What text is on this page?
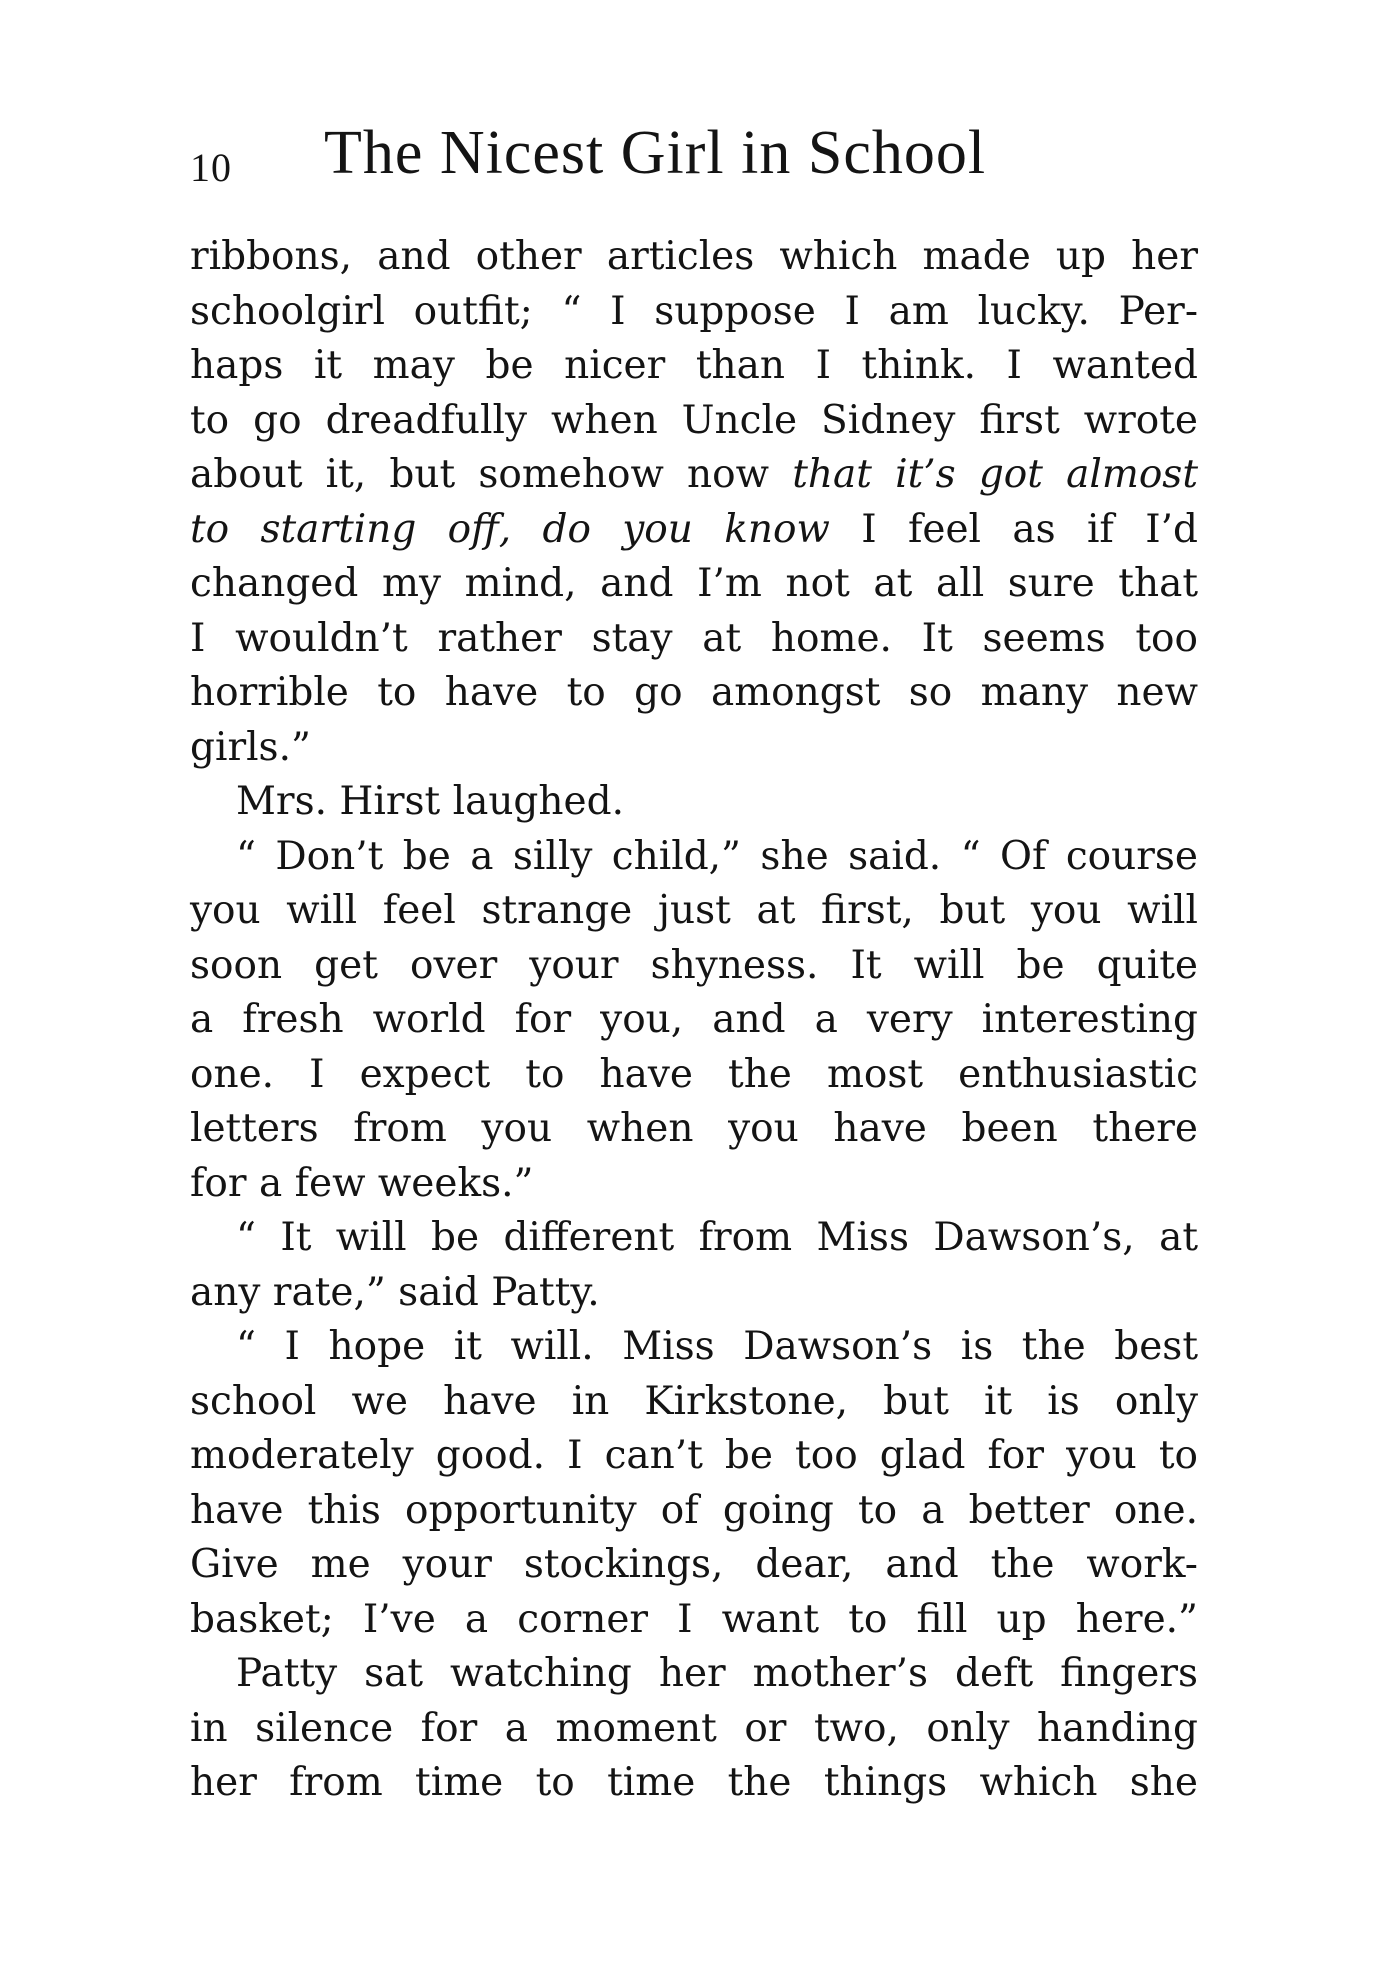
10 The Nicest Girl in School
ribbons, and other articles which made up her
schoolgirl outfit; “ I suppose I am lucky. Per-
haps it may be nicer than I think. I wanted
to go dreadfully when Uncle Sidney first wrote
about it, but somehow now that it’s got almost
to starting off, do you know I feel as if I’d
changed my mind, and I’m not at all sure that
I wouldn’t rather stay at home. It seems too
horrible to have to go amongst so many new
girls.”
Mrs. Hirst laughed.
“ Don’t be a silly child,” she said. “ Of course
you will feel strange just at first, but you will
soon get over your shyness. It will be quite
a fresh world for you, and a very interesting
one. I expect to have the most enthusiastic
letters from you when you have been there
for a few weeks.”
“ It will be different from Miss Dawson’s, at
any rate,” said Patty.
“ I hope it will. Miss Dawson’s is the best
school we have in Kirkstone, but it is only
moderately good. I can’t be too glad for you to
have this opportunity of going to a better one.
Give me your stockings, dear, and the work-
basket; I’ve a corner I want to fill up here.”
Patty sat watching her mother’s deft fingers
in silence for a moment or two, only handing
her from time to time the things which she
